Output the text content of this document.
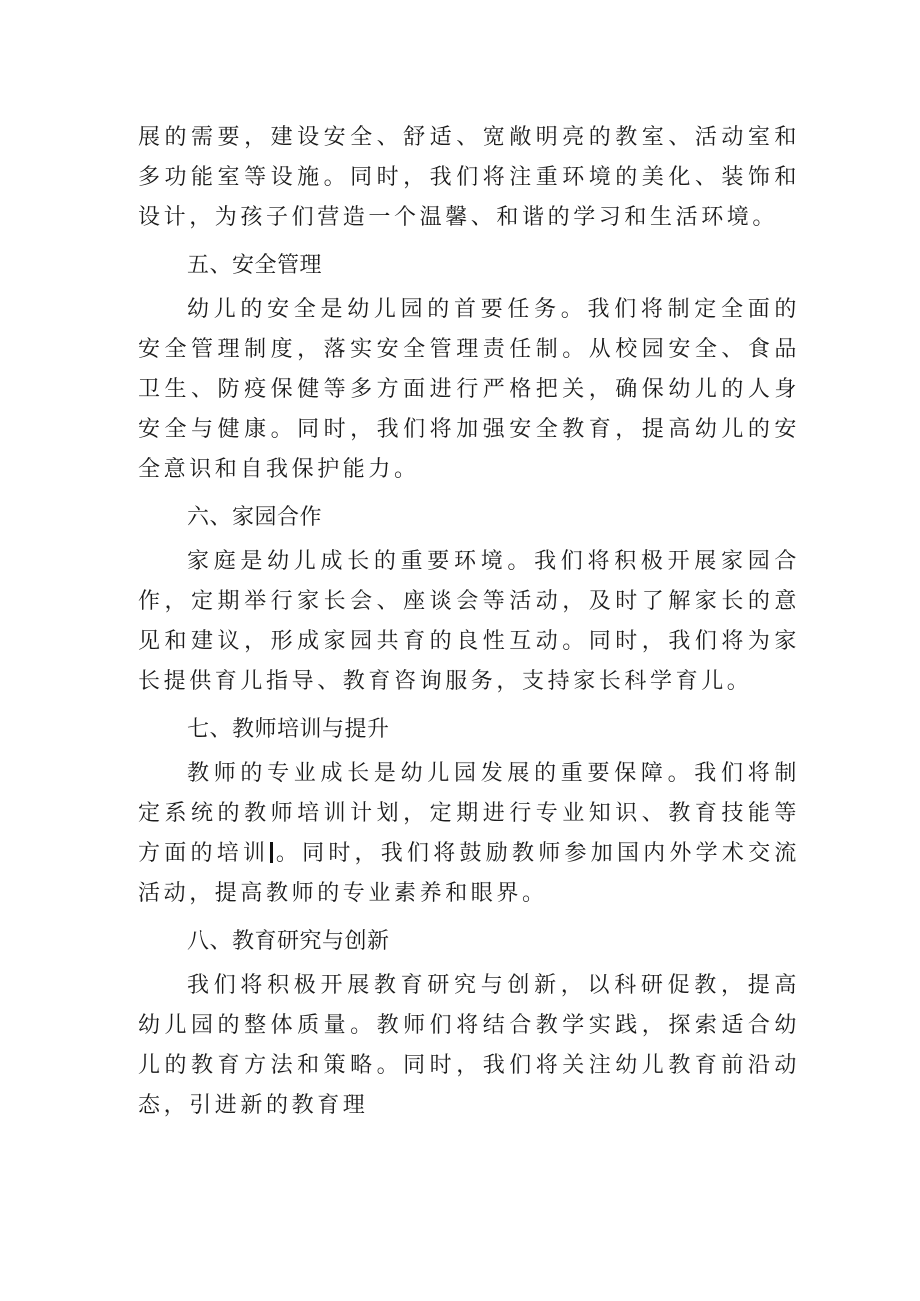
展的需要，建设安全、舒适、宽敞明亮的教室、活动室和多功能室等设施。同时，我们将注重环境的美化、装饰和设计，为孩子们营造一个温馨、和谐的学习和生活环境。

五、安全管理

幼儿的安全是幼儿园的首要任务。我们将制定全面的安全管理制度，落实安全管理责任制。从校园安全、食品卫生、防疫保健等多方面进行严格把关，确保幼儿的人身安全与健康。同时，我们将加强安全教育，提高幼儿的安全意识和自我保护能力。

六、家园合作

家庭是幼儿成长的重要环境。我们将积极开展家园合作，定期举行家长会、座谈会等活动，及时了解家长的意见和建议，形成家园共育的良性互动。同时，我们将为家长提供育儿指导、教育咨询服务，支持家长科学育儿。

七、教师培训与提升

教师的专业成长是幼儿园发展的重要保障。我们将制定系统的教师培训计划，定期进行专业知识、教育技能等方面的培训 。同时，我们将鼓励教师参加国内外学术交流活动，提高教师的专业素养和眼界。

八、教育研究与创新

我们将积极开展教育研究与创新，以科研促教，提高幼儿园的整体质量。教师们将结合教学实践，探索适合幼儿的教育方法和策略。同时，我们将关注幼儿教育前沿动态，引进新的教育理
